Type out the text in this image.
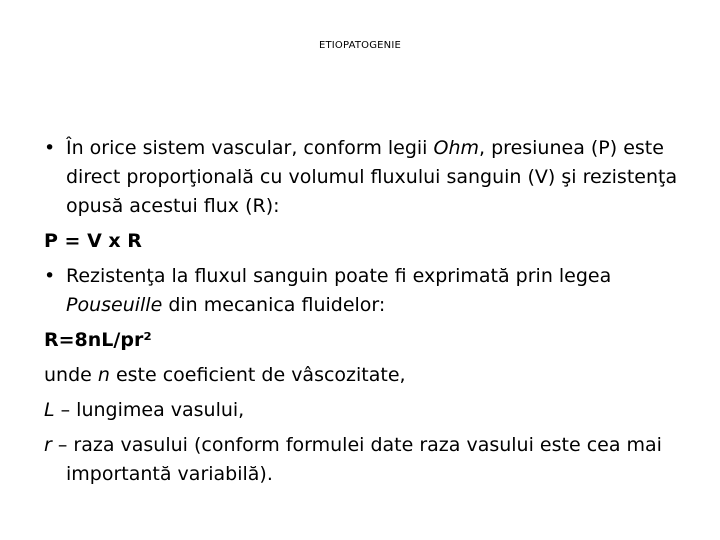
ETIOPATOGENIE
• În orice sistem vascular, conform legii Ohm, presiunea (P) este direct proporţională cu volumul fluxului sanguin (V) şi rezistenţa opusă acestui flux (R):
P = V x R
• Rezistenţa la fluxul sanguin poate fi exprimată prin legea Pouseuille din mecanica fluidelor:
R=8nL/pr²
unde n este coeficient de vâscozitate,
L – lungimea vasului,
r – raza vasului (conform formulei date raza vasului este cea mai importantă variabilă).
